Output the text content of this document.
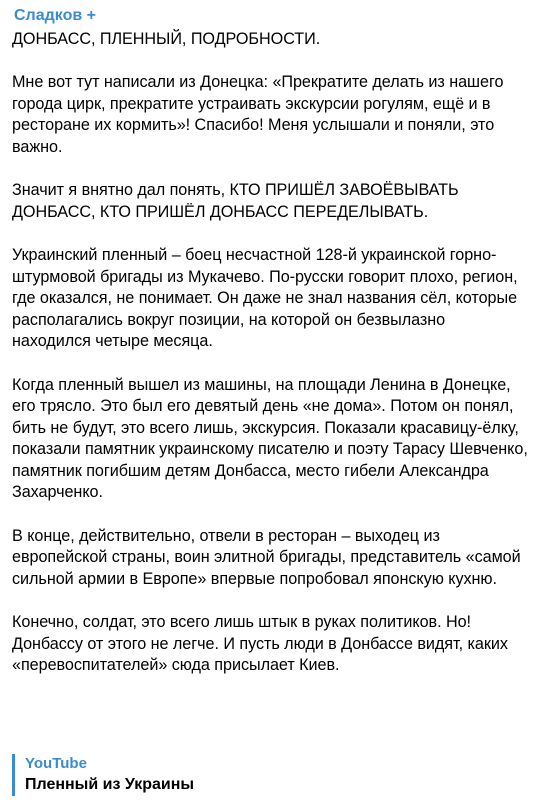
Сладков +

ДОНБАСС, ПЛЕННЫЙ, ПОДРОБНОСТИ.

Мне вот тут написали из Донецка: «Прекратите делать из нашего города цирк, прекратите устраивать экскурсии рогулям, ещё и в ресторане их кормить»! Спасибо! Меня услышали и поняли, это важно.

Значит я внятно дал понять, КТО ПРИШЁЛ ЗАВОЁВЫВАТЬ ДОНБАСС, КТО ПРИШЁЛ ДОНБАСС ПЕРЕДЕЛЫВАТЬ.

Украинский пленный – боец несчастной 128-й украинской горно-штурмовой бригады из Мукачево. По-русски говорит плохо, регион, где оказался, не понимает. Он даже не знал названия сёл, которые располагались вокруг позиции, на которой он безвылазно находился четыре месяца.

Когда пленный вышел из машины, на площади Ленина в Донецке, его трясло. Это был его девятый день «не дома». Потом он понял, бить не будут, это всего лишь, экскурсия. Показали красавицу-ёлку, показали памятник украинскому писателю и поэту Тарасу Шевченко, памятник погибшим детям Донбасса, место гибели Александра Захарченко.

В конце, действительно, отвели в ресторан – выходец из европейской страны, воин элитной бригады, представитель «самой сильной армии в Европе» впервые попробовал японскую кухню.

Конечно, солдат, это всего лишь штык в руках политиков. Но! Донбассу от этого не легче. И пусть люди в Донбассе видят, каких «перевоспитателей» сюда присылает Киев.

YouTube
Пленный из Украины
